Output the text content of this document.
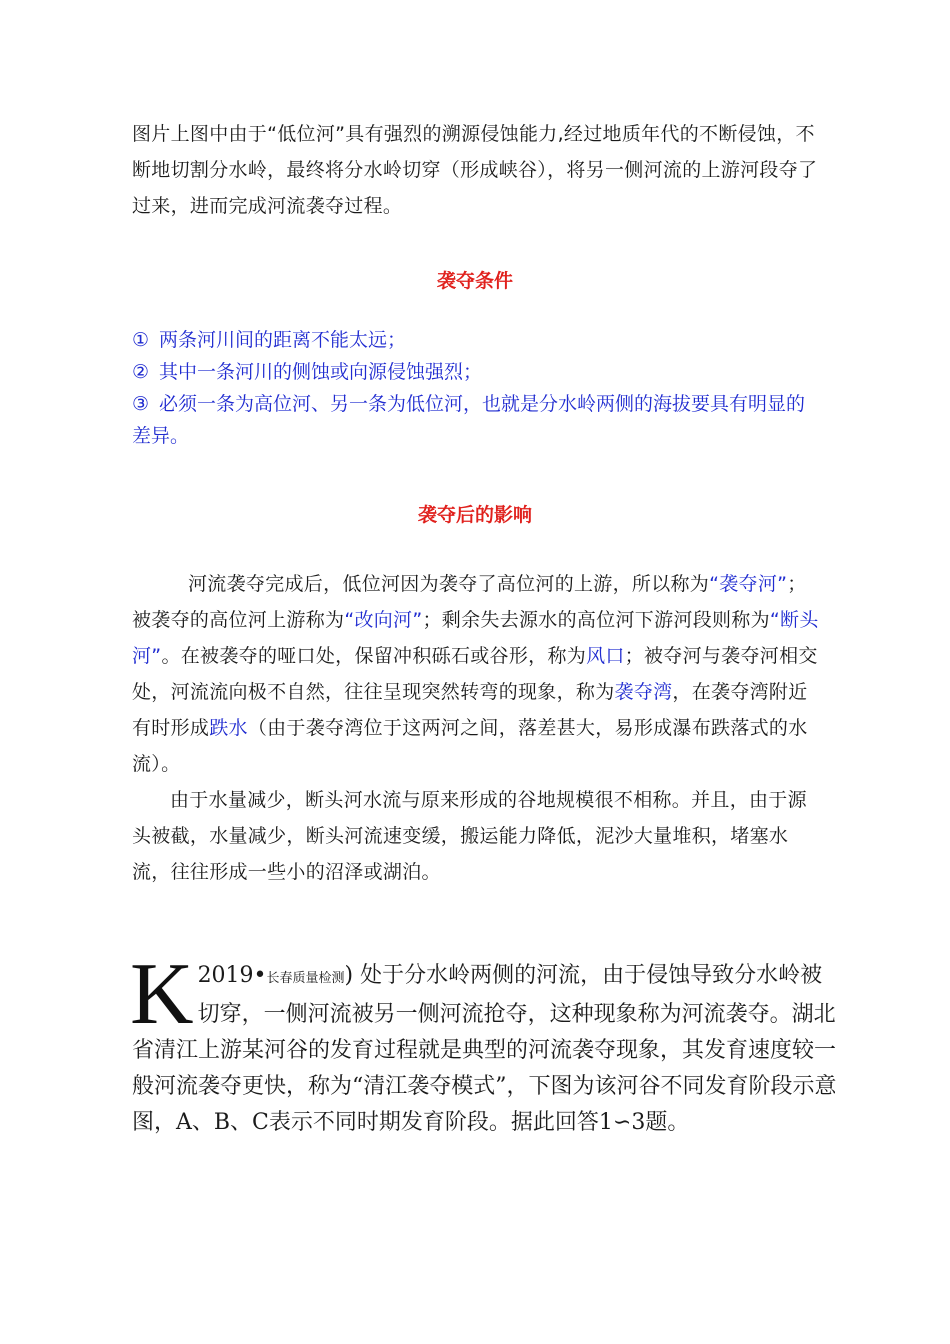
图片上图中由于“低位河”具有强烈的溯源侵蚀能力,经过地质年代的不断侵蚀，不断地切割分水岭，最终将分水岭切穿（形成峡谷），将另一侧河流的上游河段夺了过来，进而完成河流袭夺过程。

袭夺条件
① 两条河川间的距离不能太远；
② 其中一条河川的侧蚀或向源侵蚀强烈；
③ 必须一条为高位河、另一条为低位河，也就是分水岭两侧的海拔要具有明显的差异。
袭夺后的影响

河流袭夺完成后，低位河因为袭夺了高位河的上游，所以称为“袭夺河”；被袭夺的高位河上游称为“改向河”；剩余失去源水的高位河下游河段则称为“断头河”。在被袭夺的哑口处，保留冲积砾石或谷形，称为风口；被夺河与袭夺河相交处，河流流向极不自然，往往呈现突然转弯的现象，称为袭夺湾，在袭夺湾附近有时形成跌水（由于袭夺湾位于这两河之间，落差甚大，易形成瀑布跌落式的水流）。

由于水量减少，断头河水流与原来形成的谷地规模很不相称。并且，由于源头被截，水量减少，断头河流速变缓，搬运能力降低，泥沙大量堆积，堵塞水流，往往形成一些小的沼泽或湖泊。

K 2019•长春质量检测) 处于分水岭两侧的河流，由于侵蚀导致分水岭被切穿，一侧河流被另一侧河流抢夺，这种现象称为河流袭夺。湖北省清江上游某河谷的发育过程就是典型的河流袭夺现象，其发育速度较一般河流袭夺更快，称为“清江袭夺模式”，下图为该河谷不同发育阶段示意图，A、B、C表示不同时期发育阶段。据此回答1∽3题。
